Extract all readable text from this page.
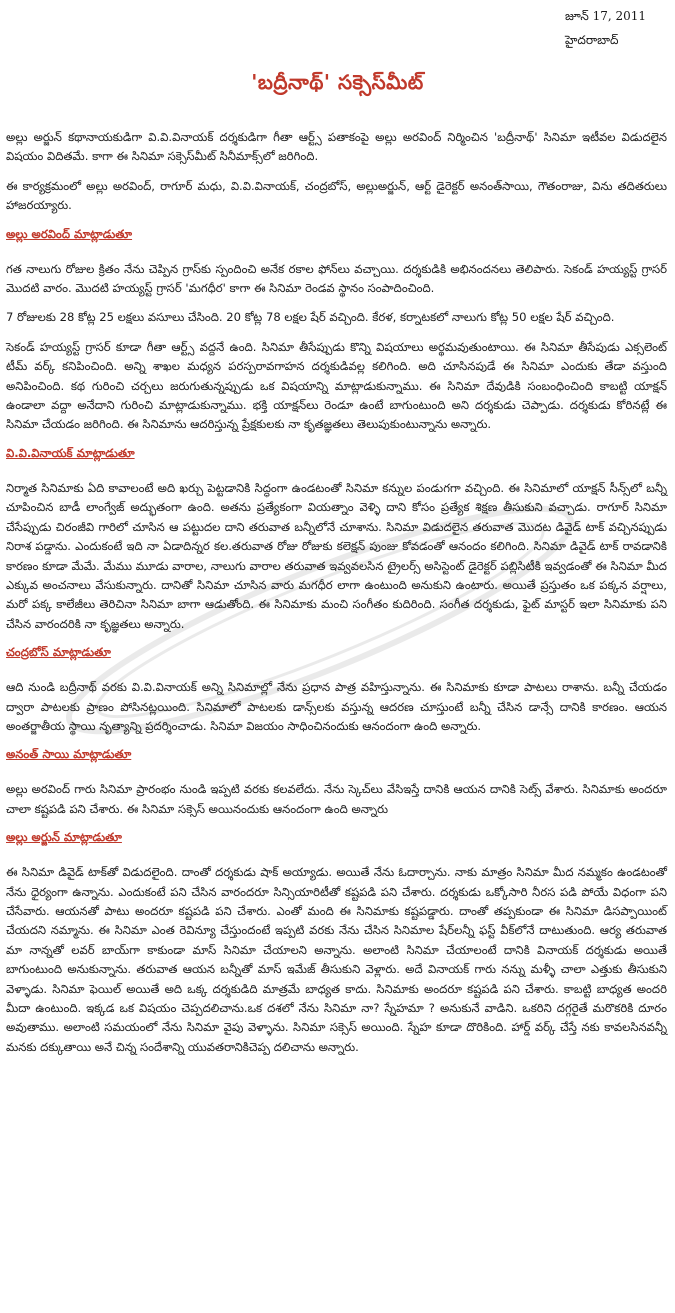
జూన్ 17, 2011
హైదరాబాద్
'బద్రీనాథ్' సక్సెస్‌మీట్

అల్లు అర్జున్ కథానాయకుడిగా వి.వి.వినాయక్ దర్శకుడిగా గీతా ఆర్ట్స్ పతాకంపై అల్లు అరవింద్ నిర్మించిన 'బద్రీనాథ్' సినిమా ఇటీవల విడుదలైన విషయం విదితమే. కాగా ఈ సినిమా సక్సెస్‌మీట్ సినీమాక్స్‌లో జరిగింది.

ఈ కార్యక్రమంలో అల్లు అరవింద్, రాగూర్ మధు, వి.వి.వినాయక్, చంద్రబోస్, అల్లుఅర్జున్, ఆర్ట్ డైరెక్టర్ అనంత్‌సాయి, గౌతంరాజు, విను తదితరులు హాజరయ్యారు.

అల్లు అరవింద్ మాట్లాడుతూ

గత నాలుగు రోజుల క్రితం నేను చెప్పిన గ్రాస్‌కు స్పందించి అనేక రకాల ఫోన్‌లు వచ్చాయి. దర్శకుడికి అభినందనలు తెలిపారు. సెకండ్ హయ్యస్ట్ గ్రాసర్ మొదటి వారం. మొదటి హయ్యస్ట్ గ్రాసర్ 'మగధీర' కాగా ఈ సినిమా రెండవ స్థానం సంపాదించింది.

7 రోజులకు 28 కోట్ల 25 లక్షలు వసూలు చేసింది. 20 కోట్ల 78 లక్షల షేర్ వచ్చింది. కేరళ, కర్నాటకలో నాలుగు కోట్ల 50 లక్షల షేర్ వచ్చింది.

సెకండ్ హయ్యస్ట్ గ్రాసర్ కూడా గీతా ఆర్ట్స్ వద్దనే ఉంది. సినిమా తీసేప్పుడు కొన్ని విషయాలు అర్థమవుతుంటాయి. ఈ సినిమా తీసేపుడు ఎక్సలెంట్ టీమ్ వర్క్ కనిపించింది. అన్ని శాఖల మధ్యన పరస్పరావగాహన దర్శకుడివల్ల కలిగింది. అది చూసినపుడే ఈ సినిమా ఎందుకు తేడా వస్తుంది అనిపించింది. కథ గురించి చర్చలు జరుగుతున్నప్పుడు ఒక విషయాన్ని మాట్లాడుకున్నాము. ఈ సినిమా దేవుడికి సంబంధించింది కాబట్టి యాక్షన్ ఉండాలా వద్దా అనేదాని గురించి మాట్లాడుకున్నాము. భక్తి యాక్షన్‌లు రెండూ ఉంటే బాగుంటుంది అని దర్శకుడు చెప్పాడు. దర్శకుడు కోరినట్లే ఈ సినిమా చేయడం జరిగింది. ఈ సినిమాను ఆదరిస్తున్న ప్రేక్షకులకు నా కృతజ్ఞతలు తెలుపుకుంటున్నాను అన్నారు.

వి.వి.వినాయక్ మాట్లాడుతూ

నిర్మాత సినిమాకు ఏది కావాలంటే అది ఖర్చు పెట్టడానికి సిద్ధంగా ఉండటంతో సినిమా కన్నుల పండుగగా వచ్చింది. ఈ సినిమాలో యాక్షన్ సీన్స్‌లో బన్నీ చూపించిన బాడీ లాంగ్వేజ్ అద్భుతంగా ఉంది. అతను ప్రత్యేకంగా వియత్నాం వెళ్ళి దాని కోసం ప్రత్యేక శిక్షణ తీసుకుని వచ్చాడు. రాగూర్ సినిమా చేసేప్పుడు చిరంజీవి గారిలో చూసిన ఆ పట్టుదల దాని తరువాత బన్నీలోనే చూశాను. సినిమా విడుదలైన తరువాత మొదట డివైడ్ టాక్ వచ్చినప్పుడు నిరాశ పడ్డాను. ఎందుకంటే ఇది నా ఏడాదిన్నర కల.తరువాత రోజు రోజుకు కలెక్షన్ పుంజు కోవడంతో ఆనందం కలిగింది. సినిమా డివైడ్ టాక్ రావడానికి కారణం కూడా మేమే. మేము మూడు వారాల, నాలుగు వారాల తరువాత ఇవ్వవలసిన ట్రైలర్స్ అసిస్టెంట్ డైరెక్టర్ పబ్లిసిటీకి ఇవ్వడంతో ఈ సినిమా మీద ఎక్కువ అంచనాలు వేసుకున్నారు. దానితో సినిమా చూసిన వారు మగధీర లాగా ఉంటుంది అనుకుని ఉంటారు. అయితే ప్రస్తుతం ఒక పక్కన వర్షాలు, మరో పక్క కాలేజీలు తెరిచినా సినిమా బాగా ఆడుతోంది. ఈ సినిమాకు మంచి సంగీతం కుదిరింది. సంగీత దర్శకుడు, ఫైట్ మాస్టర్ ఇలా సినిమాకు పని చేసిన వారందరికి నా కృజ్ఞతలు అన్నారు.

చంద్రబోస్ మాట్లాడుతూ

ఆది నుండి బద్రీనాథ్ వరకు వి.వి.వినాయక్ అన్ని సినిమాల్లో నేను ప్రధాన పాత్ర వహిస్తున్నాను. ఈ సినిమాకు కూడా పాటలు రాశాను. బన్నీ చేయడం ద్వారా పాటలకు ప్రాణం పోసినట్లయింది. సినిమాలో పాటలకు డాన్స్‌లకు వస్తున్న ఆదరణ చూస్తుంటే బన్నీ చేసిన డాన్సే దానికి కారణం. ఆయన అంతర్జాతీయ స్థాయి నృత్యాన్ని ప్రదర్శించాడు. సినిమా విజయం సాధించినందుకు ఆనందంగా ఉంది అన్నారు.

అనంత్ సాయి మాట్లాడుతూ

అల్లు అరవింద్ గారు సినిమా ప్రారంభం నుండి ఇప్పటి వరకు కలవలేదు. నేను స్కెచ్‌లు వేసిఇస్తే దానికి ఆయన దానికి సెట్స్ వేశారు. సినిమాకు అందరూ చాలా కష్టపడి పని చేశారు. ఈ సినిమా సక్సెస్ అయినందుకు ఆనందంగా ఉంది అన్నారు

అల్లు అర్జున్ మాట్లాడుతూ

ఈ సినిమా డివైడ్ టాక్‌తో విడుదలైంది. దాంతో దర్శకుడు షాక్ అయ్యాడు. అయితే నేను ఓదార్చాను. నాకు మాత్రం సినిమా మీద నమ్మకం ఉండటంతో నేను ధైర్యంగా ఉన్నాను. ఎందుకంటే పని చేసిన వారందరూ సిన్సియారిటీతో కష్టపడి పని చేశారు. దర్శకుడు ఒక్కోసారి నీరస పడి పోయే విధంగా పని చేసేవారు. ఆయనతో పాటు అందరూ కష్టపడి పని చేశారు. ఎంతో మంది ఈ సినిమాకు కష్టపడ్డారు. దాంతో తప్పకుండా ఈ సినిమా డిసప్పాయింట్ చేయదని నమ్మాను. ఈ సినిమా ఎంత రెవిన్యూ చేస్తుందంటే ఇప్పటి వరకు నేను చేసిన సినిమాల షేర్‌లన్నీ ఫస్ట్ వీక్‌లోనే దాటుతుంది. ఆర్య తరువాత మా నాన్నతో లవర్ బాయ్‌గా కాకుండా మాస్ సినిమా చేయాలని అన్నాను. అలాంటి సినిమా చేయాలంటే దానికి వినాయక్ దర్శకుడు అయితే బాగుంటుంది అనుకున్నాను. తరువాత ఆయన బన్నీతో మాస్ ఇమేజ్ తీసుకుని వెళ్లారు. అదే వినాయక్ గారు నన్ను మళ్ళీ చాలా ఎత్తుకు తీసుకుని వెళ్ళాడు. సినిమా ఫెయిల్ అయితే అది ఒక్క దర్శకుడిది మాత్రమే బాధ్యత కాదు. సినిమాకు అందరూ కష్టపడి పని చేశారు. కాబట్టి బాధ్యత అందరి మీదా ఉంటుంది. ఇక్కడ ఒక విషయం చెప్పదలిచాను.ఒక దశలో నేను సినిమా నా? స్నేహమా ? అనుకునే వాడిని. ఒకరిని దగ్గరైతే మరొకరికి దూరం అవుతాము. అలాంటి సమయంలో నేను సినిమా వైపు వెళ్ళాను. సినిమా సక్సెస్ అయింది. స్నేహ కూడా దొరికింది. హార్డ్ వర్క్ చేస్తే నకు కావలసినవన్నీ మనకు దక్కుతాయి అనే చిన్న సందేశాన్ని యువతరానికిచెప్ప దలిచాను అన్నారు.
